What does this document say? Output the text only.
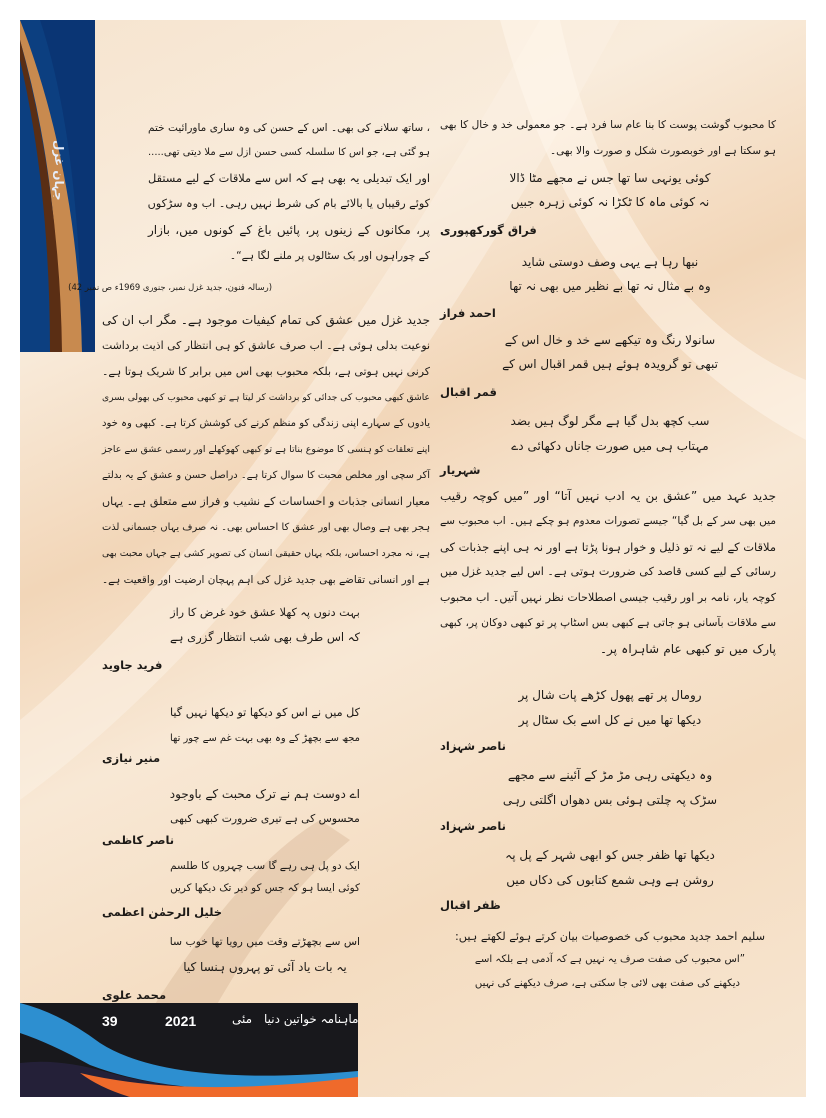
جہان غزل
کا محبوب گوشت پوست کا بنا عام سا فرد ہے۔ جو معمولی خد و خال کا بھی
ہو سکتا ہے اور خوبصورت شکل و صورت والا بھی۔
کوئی یونہی سا تھا جس نے مجھے مٹا ڈالا
نہ کوئی ماہ کا ٹکڑا نہ کوئی زہرہ جبیں
فراق گورکھپوری
نبھا رہا ہے یہی وصف دوستی شاید
وہ بے مثال نہ تھا بے نظیر میں بھی نہ تھا
احمد فراز
سانولا رنگ وہ تیکھے سے خد و خال اس کے
تبھی تو گرویدہ ہوئے ہیں قمر اقبال اس کے
قمر اقبال
سب کچھ بدل گیا ہے مگر لوگ ہیں بضد
مہتاب ہی میں صورت جاناں دکھائی دے
شہریار
جدید عہد میں ”عشق بن یہ ادب نہیں آتا“ اور ”میں کوچہ رقیب
میں بھی سر کے بل گیا“ جیسے تصورات معدوم ہو چکے ہیں۔ اب محبوب سے
ملاقات کے لیے نہ تو ذلیل و خوار ہونا پڑتا ہے اور نہ ہی اپنے جذبات کی
رسائی کے لیے کسی قاصد کی ضرورت ہوتی ہے۔ اس لیے جدید غزل میں
کوچہ یار، نامہ بر اور رقیب جیسی اصطلاحات نظر نہیں آتیں۔ اب محبوب
سے ملاقات بآسانی ہو جاتی ہے کبھی بس اسٹاپ پر تو کبھی دوکان پر، کبھی
پارک میں تو کبھی عام شاہراہ پر۔
رومال پر تھے پھول کڑھے پات شال پر
دیکھا تھا میں نے کل اسے بک سٹال پر
ناصر شہزاد
وہ دیکھتی رہی مڑ مڑ کے آئینے سے مجھے
سڑک پہ چلتی ہوئی بس دھواں اگلتی رہی
ناصر شہزاد
دیکھا تھا ظفر جس کو ابھی شہر کے پل پہ
روشن ہے وہی شمع کتابوں کی دکاں میں
ظفر اقبال
سلیم احمد جدید محبوب کی خصوصیات بیان کرتے ہوئے لکھتے ہیں:
”اس محبوب کی صفت صرف یہ نہیں ہے کہ آدمی ہے بلکہ اسے
دیکھنے کی صفت بھی لائی جا سکتی ہے، صرف دیکھنے کی نہیں
، ساتھ سلانے کی بھی۔ اس کے حسن کی وہ ساری ماورائیت ختم
ہو گئی ہے، جو اس کا سلسلہ کسی حسن ازل سے ملا دیتی تھی.....
اور ایک تبدیلی یہ بھی ہے کہ اس سے ملاقات کے لیے مستقل
کوئے رقیباں یا بالائے بام کی شرط نہیں رہی۔ اب وہ سڑکوں
پر، مکانوں کے زینوں پر، پائیں باغ کے کونوں میں، بازار
کے چوراہوں اور بک سٹالوں پر ملنے لگا ہے“۔
(رسالہ فنون، جدید غزل نمبر، جنوری 1969ء ص نمبر 42)
جدید غزل میں عشق کی تمام کیفیات موجود ہے۔ مگر اب ان کی
نوعیت بدلی ہوئی ہے۔ اب صرف عاشق کو ہی انتظار کی اذیت برداشت
کرنی نہیں ہوتی ہے، بلکہ محبوب بھی اس میں برابر کا شریک ہوتا ہے۔
عاشق کبھی محبوب کی جدائی کو برداشت کر لیتا ہے تو کبھی محبوب کی بھولی بسری
یادوں کے سہارے اپنی زندگی کو منظم کرنے کی کوشش کرتا ہے۔ کبھی وہ خود
اپنے تعلقات کو ہنسی کا موضوع بناتا ہے تو کبھی کھوکھلے اور رسمی عشق سے عاجز
آکر سچی اور مخلص محبت کا سوال کرتا ہے۔ دراصل حسن و عشق کے یہ بدلتے
معیار انسانی جذبات و احساسات کے نشیب و فراز سے متعلق ہے۔ یہاں
ہجر بھی ہے وصال بھی اور عشق کا احساس بھی۔ نہ صرف یہاں جسمانی لذت
ہے، نہ مجرد احساس، بلکہ یہاں حقیقی انسان کی تصویر کشی ہے جہاں محبت بھی
ہے اور انسانی تقاضے بھی جدید غزل کی اہم پہچان ارضیت اور واقعیت ہے۔
بہت دنوں پہ کھلا عشق خود غرض کا راز
کہ اس طرف بھی شب انتظار گزری ہے
فرید جاوید
کل میں نے اس کو دیکھا تو دیکھا نہیں گیا
مجھ سے بچھڑ کے وہ بھی بہت غم سے چور تھا
منیر نیازی
اے دوست ہم نے ترک محبت کے باوجود
محسوس کی ہے تیری ضرورت کبھی کبھی
ناصر کاظمی
ایک دو پل ہی رہے گا سب چہروں کا طلسم
کوئی ایسا ہو کہ جس کو دیر تک دیکھا کریں
خلیل الرحمٰن اعظمی
اس سے بچھڑتے وقت میں رویا تھا خوب سا
یہ بات یاد آئی تو پہروں ہنسا کیا
محمد علوی
39	2021	مئی ماہنامہ خواتین دنیا
